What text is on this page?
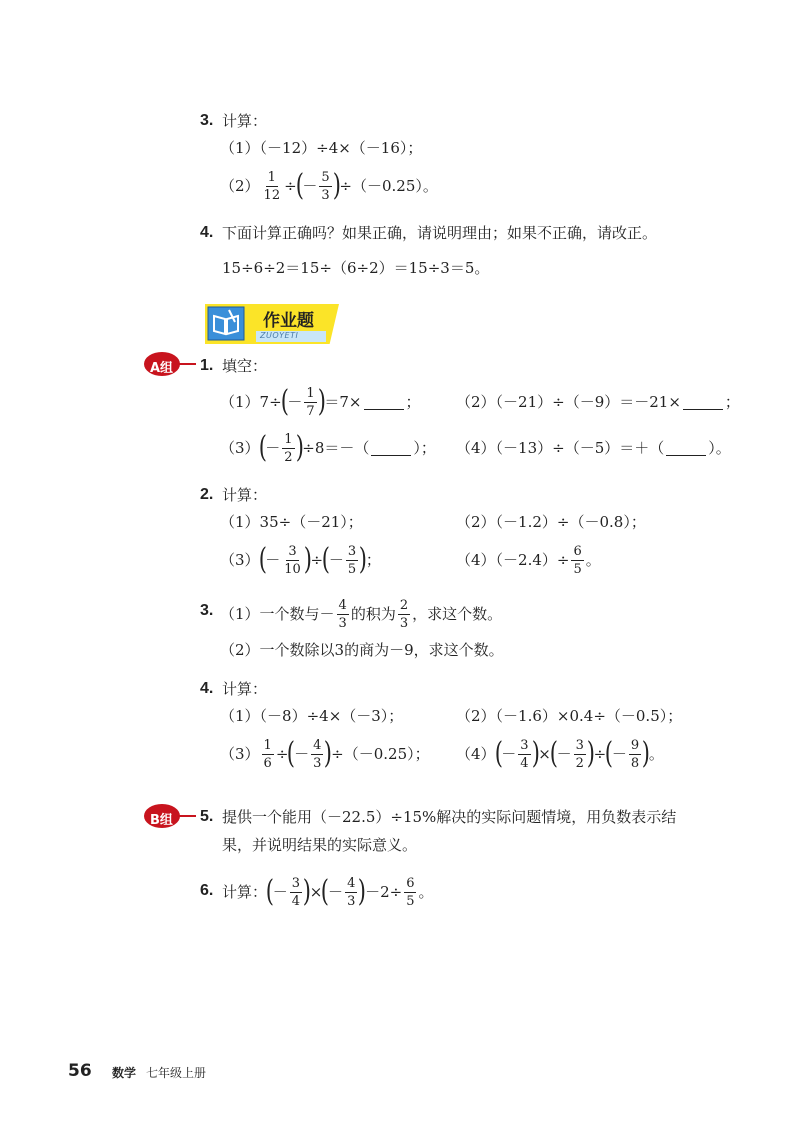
3. 计算：
（1）（－12）÷4×（－16）；
$(2) \frac{1}{12}$ ÷
(
－ $\frac{5}{3}$ )
÷（－0.25）。
4. 下面计算正确吗？如果正确，请说明理由；如果不正确，请改正。
15÷6÷2＝15÷（6÷2）＝15÷3＝5。
作业题
ZUOYETI
A组 1. 填空：
（1）7÷
(
－ $\frac{1}{7}$ )
＝7×	； （2）（－21）÷（－9）＝－21×	；
（3）
(
－ $\frac{1}{2}$ )
÷8＝－（	）； （4）（－13）÷（－5）＝＋（	）。
2. 计算：
（1）35÷（－21）；	（2）（－1.2）÷（－0.8）；
（3）
(
－ $\frac{3}{10}$ )
÷
(
－ $\frac{3}{5}$ )
；	$(4)(-2.4)\div \frac{6}{5}$ 。
3. （1）一个数与－ $\frac{4}{3}$ 的积为 $\frac{2}{3}$ ，求这个数。
（2）一个数除以3的商为－9，求这个数。
4. 计算：
（1）（－8）÷4×（－3）；	（2）（－1.6）×0.4÷（－0.5）；
$(3) \frac{1}{6}$ ÷
(
－ $\frac{4}{3}$ )
÷（－0.25）； （4）
(
－ $\frac{3}{4}$ )
×
(
－ $\frac{3}{2}$ )
÷
(
－ $\frac{9}{8}$ )
。
B组 5. 提供一个能用（－22.5）÷15%解决的实际问题情境，用负数表示结
果，并说明结果的实际意义。
6. 计算：
(
－ $\frac{3}{4}$ )
×
(
－ $\frac{4}{3}$ )
$-2\div \frac{6}{5}$ 。
56 数学 七年级上册
